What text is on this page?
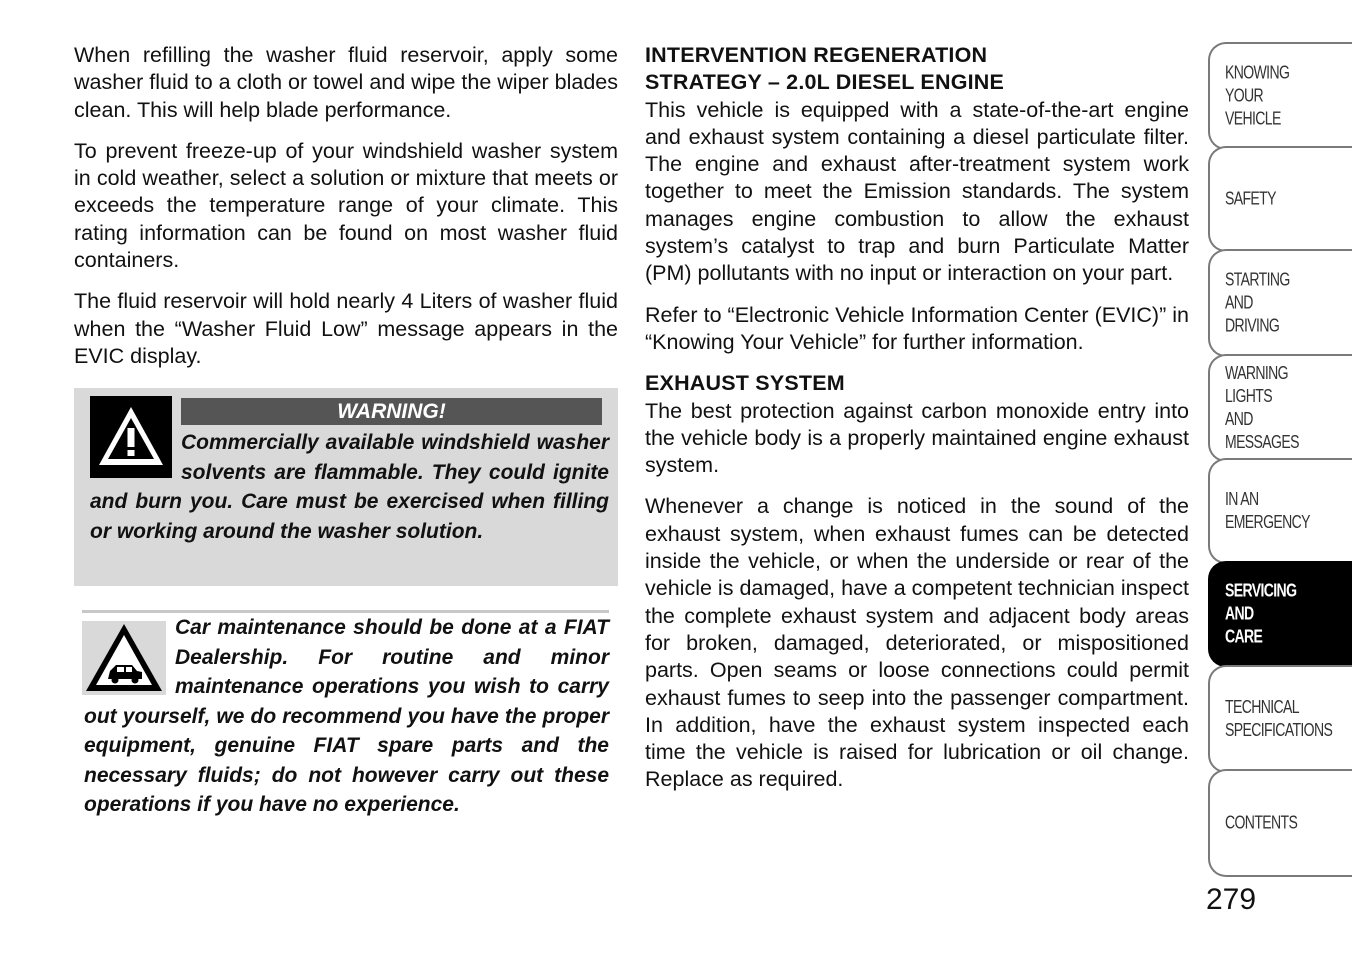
When refilling the washer fluid reservoir, apply some washer fluid to a cloth or towel and wipe the wiper blades clean. This will help blade performance.

To prevent freeze-up of your windshield washer system in cold weather, select a solution or mixture that meets or exceeds the temperature range of your climate. This rating information can be found on most washer fluid containers.

The fluid reservoir will hold nearly 4 Liters of washer fluid when the “Washer Fluid Low” message appears in the EVIC display.

WARNING!
Commercially available windshield washer solvents are flammable. They could ignite and burn you. Care must be exercised when filling or working around the washer solution.
Car maintenance should be done at a FIAT Dealership. For routine and minor maintenance operations you wish to carry out yourself, we do recommend you have the proper equipment, genuine FIAT spare parts and the necessary fluids; do not however carry out these operations if you have no experience.
INTERVENTION REGENERATION
STRATEGY – 2.0L DIESEL ENGINE

This vehicle is equipped with a state-of-the-art engine and exhaust system containing a diesel particulate filter. The engine and exhaust after-treatment system work together to meet the Emission standards. The system manages engine combustion to allow the exhaust system’s catalyst to trap and burn Particulate Matter (PM) pollutants with no input or interaction on your part.

Refer to “Electronic Vehicle Information Center (EVIC)” in “Knowing Your Vehicle” for further information.

EXHAUST SYSTEM

The best protection against carbon monoxide entry into the vehicle body is a properly maintained engine exhaust system.

Whenever a change is noticed in the sound of the exhaust system, when exhaust fumes can be detected inside the vehicle, or when the underside or rear of the vehicle is damaged, have a competent technician inspect the complete exhaust system and adjacent body areas for broken, damaged, deteriorated, or mispositioned parts. Open seams or loose connections could permit exhaust fumes to seep into the passenger compartment. In addition, have the exhaust system inspected each time the vehicle is raised for lubrication or oil change. Replace as required.

KNOWING
YOUR
VEHICLE
SAFETY
STARTING
AND
DRIVING
WARNING
LIGHTS
AND
MESSAGES
IN AN
EMERGENCY
SERVICING
AND
CARE
TECHNICAL
SPECIFICATIONS
CONTENTS
279
